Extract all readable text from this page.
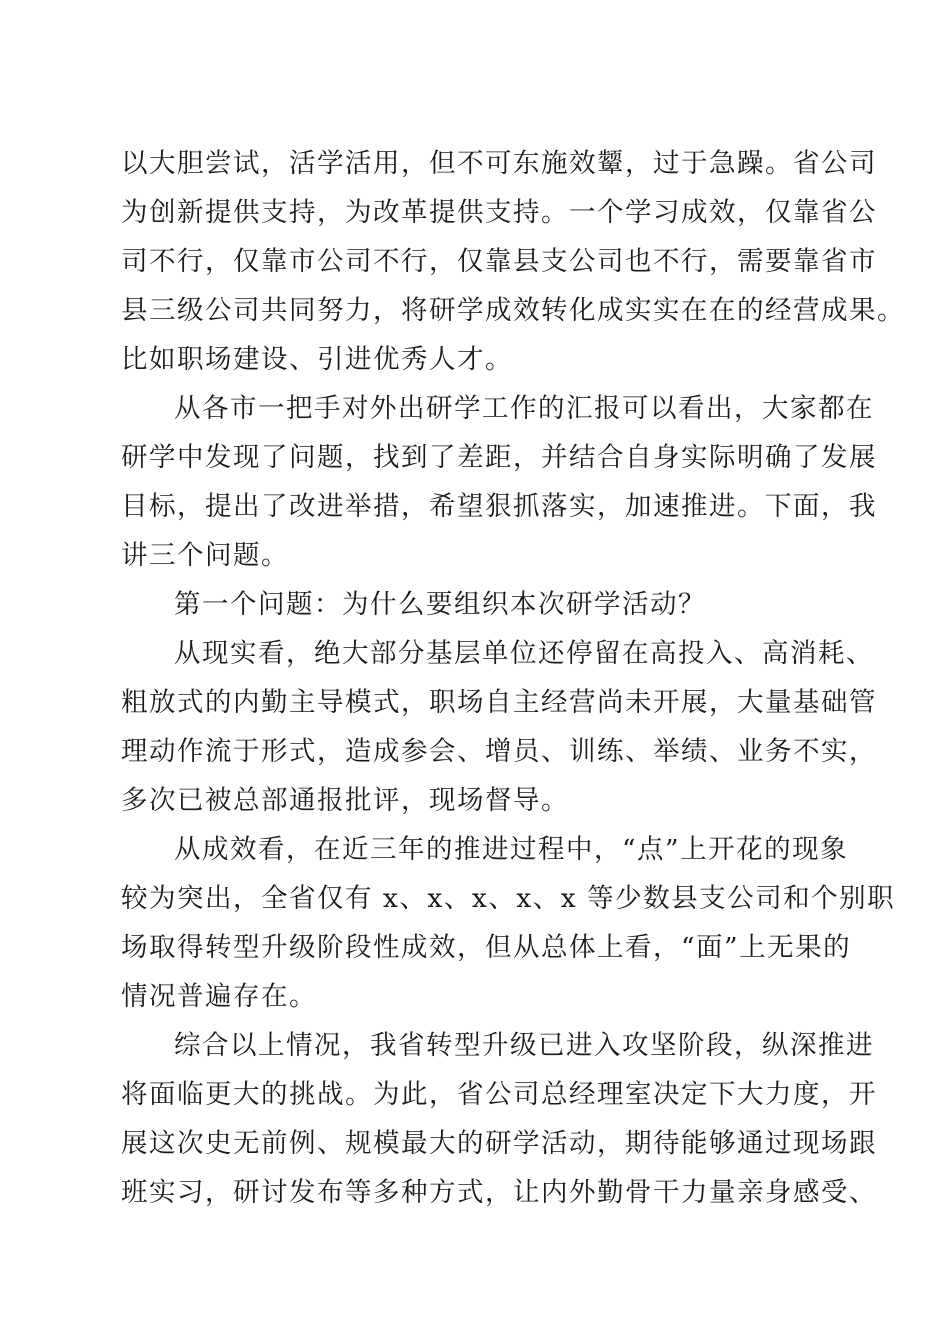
以大胆尝试，活学活用，但不可东施效颦，过于急躁。省公司
为创新提供支持，为改革提供支持。一个学习成效，仅靠省公
司不行，仅靠市公司不行，仅靠县支公司也不行，需要靠省市
县三级公司共同努力，将研学成效转化成实实在在的经营成果。
比如职场建设、引进优秀人才。
从各市一把手对外出研学工作的汇报可以看出，大家都在
研学中发现了问题，找到了差距，并结合自身实际明确了发展
目标，提出了改进举措，希望狠抓落实，加速推进。下面，我
讲三个问题。
第一个问题：为什么要组织本次研学活动？
从现实看，绝大部分基层单位还停留在高投入、高消耗、
粗放式的内勤主导模式，职场自主经营尚未开展，大量基础管
理动作流于形式，造成参会、增员、训练、举绩、业务不实，
多次已被总部通报批评，现场督导。
从成效看，在近三年的推进过程中，“点”上开花的现象
较为突出，全省仅有 x、x、x、x、x 等少数县支公司和个别职
场取得转型升级阶段性成效，但从总体上看，“面”上无果的
情况普遍存在。
综合以上情况，我省转型升级已进入攻坚阶段，纵深推进
将面临更大的挑战。为此，省公司总经理室决定下大力度，开
展这次史无前例、规模最大的研学活动，期待能够通过现场跟
班实习，研讨发布等多种方式，让内外勤骨干力量亲身感受、
